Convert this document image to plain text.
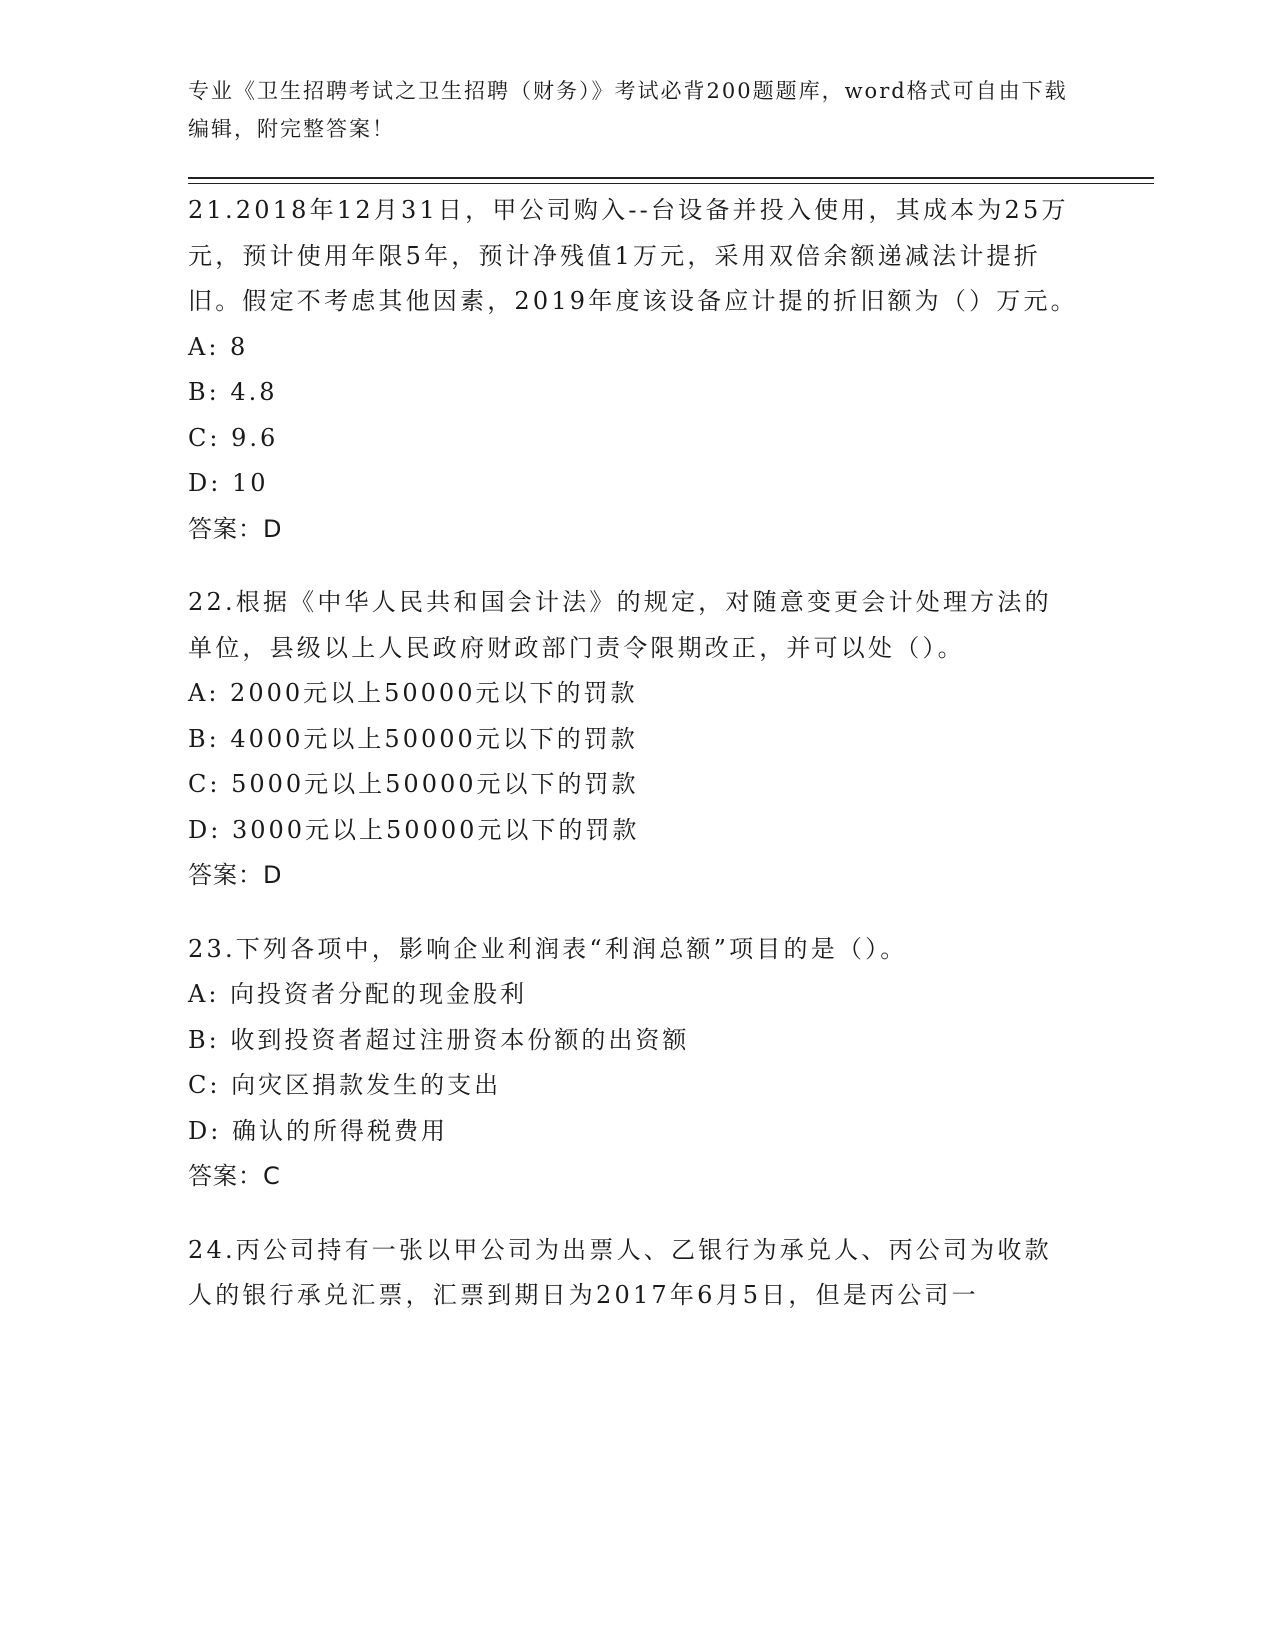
专业《卫生招聘考试之卫生招聘（财务）》考试必背200题题库，word格式可自由下载编辑，附完整答案！

21.2018年12月31日，甲公司购入--台设备并投入使用，其成本为25万元，预计使用年限5年，预计净残值1万元，采用双倍余额递减法计提折旧。假定不考虑其他因素，2019年度该设备应计提的折旧额为（）万元。

A: 8

B: 4.8

C: 9.6

D: 10

答案：D

22.根据《中华人民共和国会计法》的规定，对随意变更会计处理方法的单位，县级以上人民政府财政部门责令限期改正，并可以处（）。

A: 2000元以上50000元以下的罚款

B: 4000元以上50000元以下的罚款

C: 5000元以上50000元以下的罚款

D: 3000元以上50000元以下的罚款

答案：D

23.下列各项中，影响企业利润表“利润总额”项目的是（）。

A: 向投资者分配的现金股利

B: 收到投资者超过注册资本份额的出资额

C: 向灾区捐款发生的支出

D: 确认的所得税费用

答案：C

24.丙公司持有一张以甲公司为出票人、乙银行为承兑人、丙公司为收款人的银行承兑汇票，汇票到期日为2017年6月5日，但是丙公司一
